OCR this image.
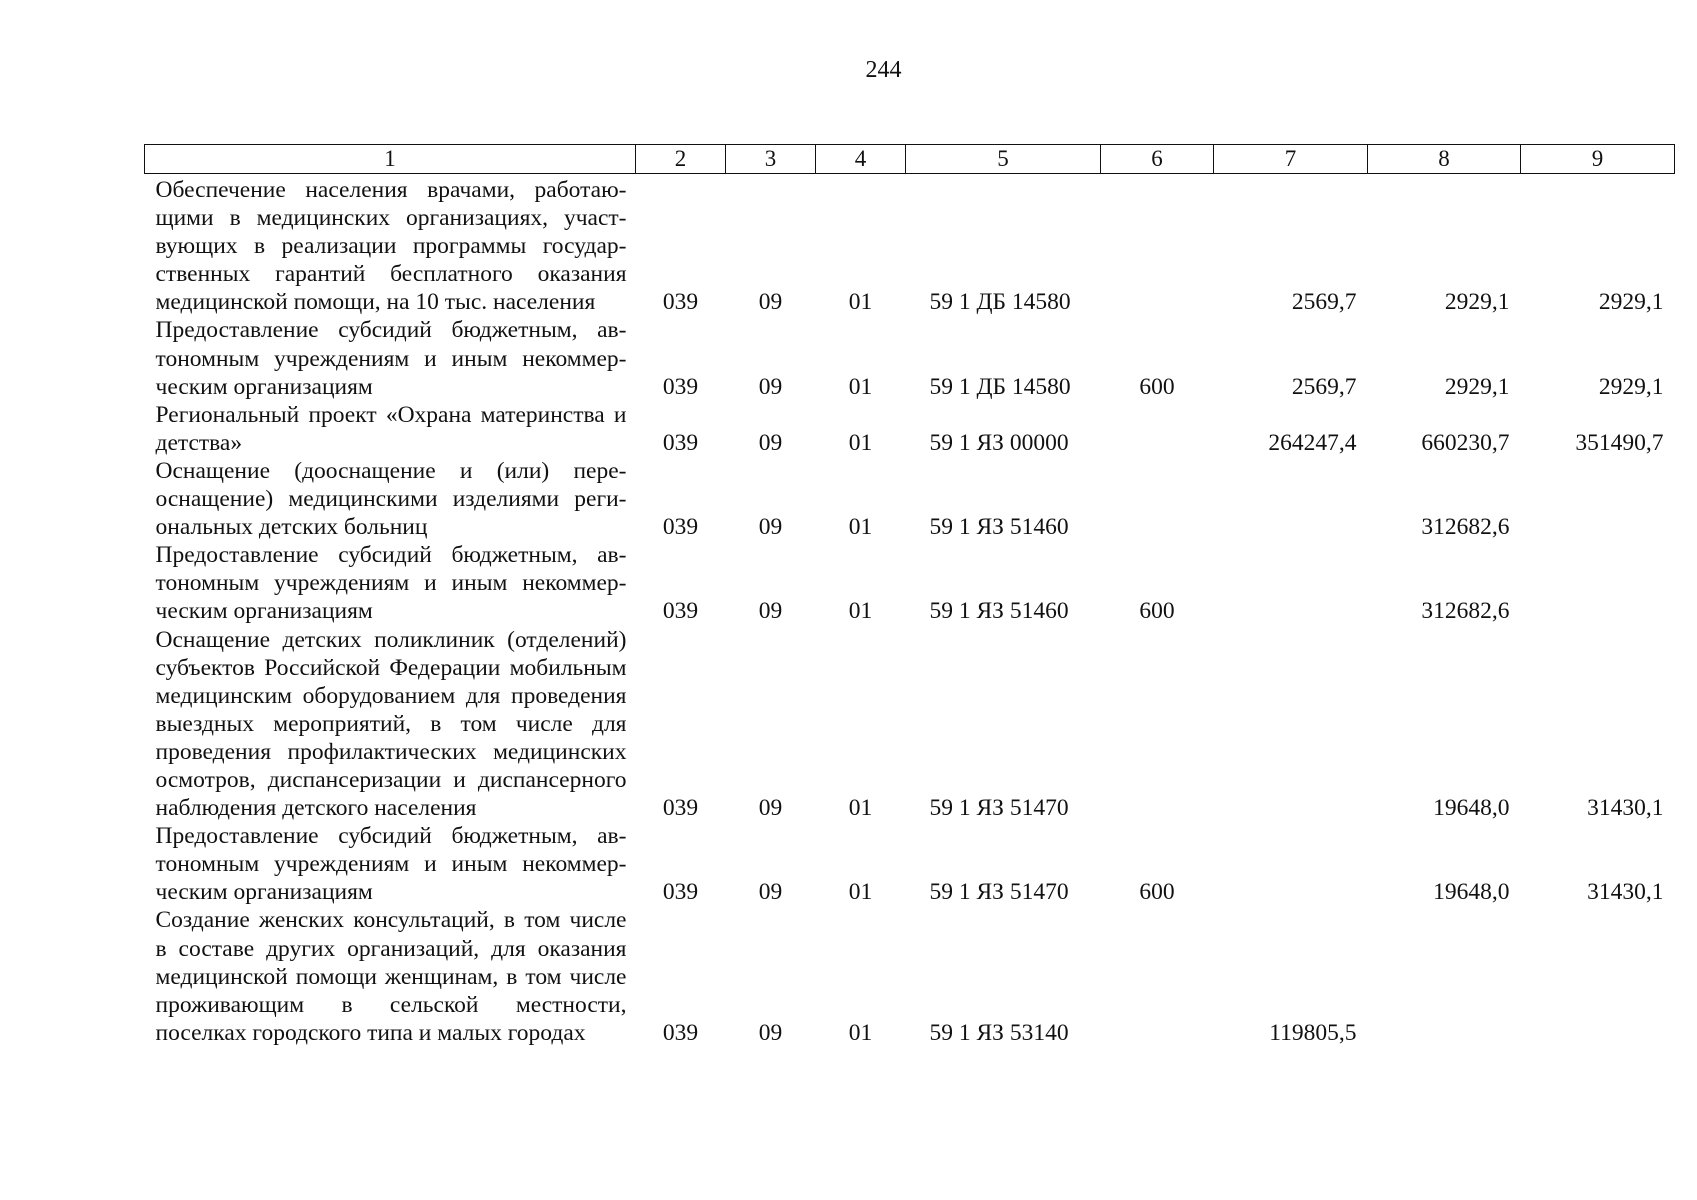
244
1	2	3	4	5	6	7	8	9
Обеспечение населения врачами, работающими в медицинских организациях, участвующих в реализации программы государственных гарантий бесплатного оказания медицинской помощи, на 10 тыс. населения	039	09	01	59 1 ДБ 14580		2569,7	2929,1	2929,1
Предоставление субсидий бюджетным, автономным учреждениям и иным некоммерческим организациям	039	09	01	59 1 ДБ 14580	600	2569,7	2929,1	2929,1
Региональный проект «Охрана материнства и детства»	039	09	01	59 1 ЯЗ 00000		264247,4	660230,7	351490,7
Оснащение (дооснащение и (или) переоснащение) медицинскими изделиями региональных детских больниц	039	09	01	59 1 ЯЗ 51460			312682,6	
Предоставление субсидий бюджетным, автономным учреждениям и иным некоммерческим организациям	039	09	01	59 1 ЯЗ 51460	600		312682,6	
Оснащение детских поликлиник (отделений) субъектов Российской Федерации мобильным медицинским оборудованием для проведения выездных мероприятий, в том числе для проведения профилактических медицинских осмотров, диспансеризации и диспансерного наблюдения детского населения	039	09	01	59 1 ЯЗ 51470			19648,0	31430,1
Предоставление субсидий бюджетным, автономным учреждениям и иным некоммерческим организациям	039	09	01	59 1 ЯЗ 51470	600		19648,0	31430,1
Создание женских консультаций, в том числе в составе других организаций, для оказания медицинской помощи женщинам, в том числе проживающим в сельской местности, поселках городского типа и малых городах	039	09	01	59 1 ЯЗ 53140		119805,5		
